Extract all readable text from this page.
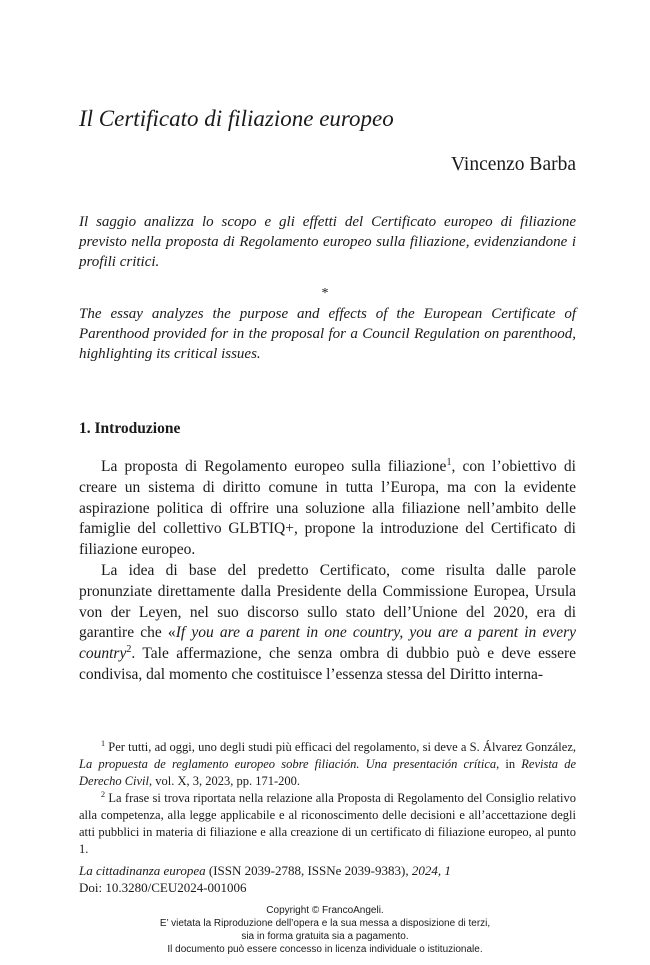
Il Certificato di filiazione europeo
Vincenzo Barba
Il saggio analizza lo scopo e gli effetti del Certificato europeo di filiazione previsto nella proposta di Regolamento europeo sulla filiazione, evidenziandone i profili critici.
*
The essay analyzes the purpose and effects of the European Certificate of Parenthood provided for in the proposal for a Council Regulation on parenthood, highlighting its critical issues.
1. Introduzione

La proposta di Regolamento europeo sulla filiazione$^1$, con l’obiettivo di creare un sistema di diritto comune in tutta l’Europa, ma con la evidente aspirazione politica di offrire una soluzione alla filiazione nell’ambito delle famiglie del collettivo GLBTIQ+, propone la introduzione del Certificato di filiazione europeo.

La idea di base del predetto Certificato, come risulta dalle parole pronunziate direttamente dalla Presidente della Commissione Europea, Ursula von der Leyen, nel suo discorso sullo stato dell’Unione del 2020, era di garantire che «If you are a parent in one country, you are a parent in every country$^2$. Tale affermazione, che senza ombra di dubbio può e deve essere condivisa, dal momento che costituisce l’essenza stessa del Diritto interna-

$^1$ Per tutti, ad oggi, uno degli studi più efficaci del regolamento, si deve a S. Álvarez González, La propuesta de reglamento europeo sobre filiación. Una presentación crítica, in Revista de Derecho Civil, vol. X, 3, 2023, pp. 171-200.

$^2$ La frase si trova riportata nella relazione alla Proposta di Regolamento del Consiglio relativo alla competenza, alla legge applicabile e al riconoscimento delle decisioni e all’accettazione degli atti pubblici in materia di filiazione e alla creazione di un certificato di filiazione europeo, al punto 1.

La cittadinanza europea (ISSN 2039-2788, ISSNe 2039-9383), 2024, 1
Doi: 10.3280/CEU2024-001006
Copyright © FrancoAngeli.
E’ vietata la Riproduzione dell’opera e la sua messa a disposizione di terzi,
sia in forma gratuita sia a pagamento.
Il documento può essere concesso in licenza individuale o istituzionale.
